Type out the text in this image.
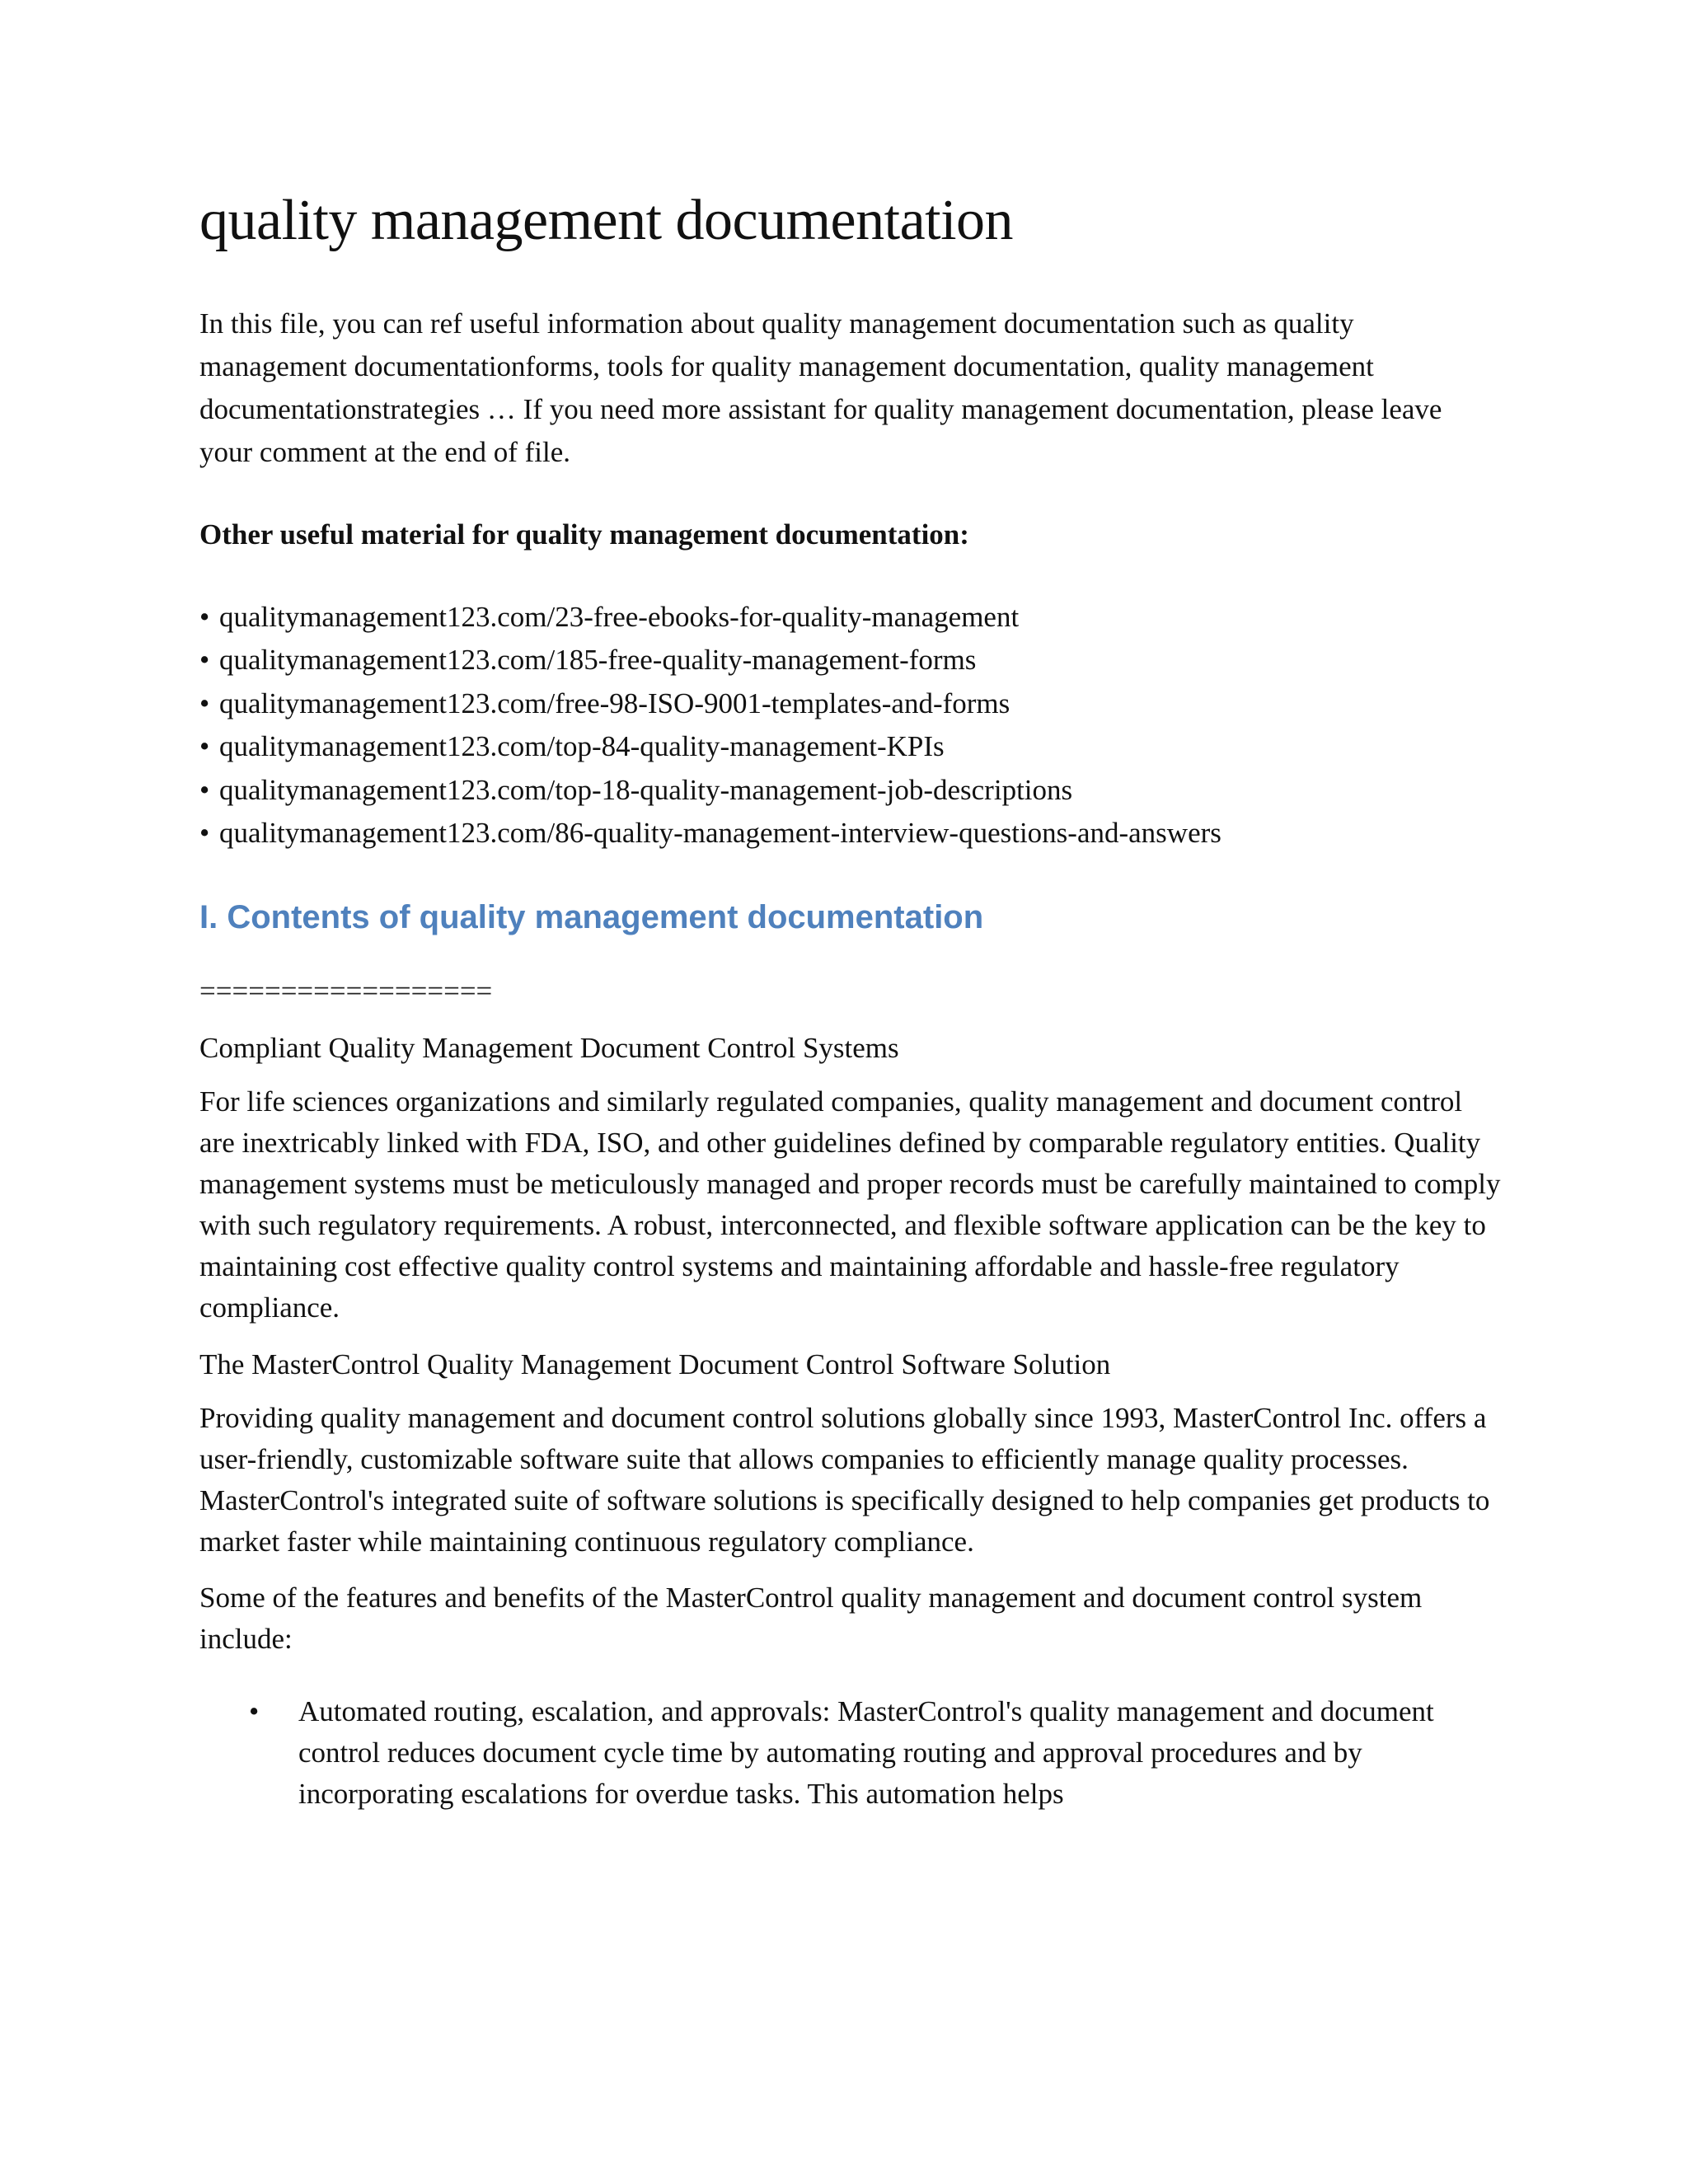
quality management documentation

In this file, you can ref useful information about quality management documentation such as quality management documentationforms, tools for quality management documentation, quality management documentationstrategies … If you need more assistant for quality management documentation, please leave your comment at the end of file.

Other useful material for quality management documentation:

• qualitymanagement123.com/23-free-ebooks-for-quality-management
• qualitymanagement123.com/185-free-quality-management-forms
• qualitymanagement123.com/free-98-ISO-9001-templates-and-forms
• qualitymanagement123.com/top-84-quality-management-KPIs
• qualitymanagement123.com/top-18-quality-management-job-descriptions
• qualitymanagement123.com/86-quality-management-interview-questions-and-answers
I. Contents of quality management documentation

==================

Compliant Quality Management Document Control Systems

For life sciences organizations and similarly regulated companies, quality management and document control are inextricably linked with FDA, ISO, and other guidelines defined by comparable regulatory entities. Quality management systems must be meticulously managed and proper records must be carefully maintained to comply with such regulatory requirements. A robust, interconnected, and flexible software application can be the key to maintaining cost effective quality control systems and maintaining affordable and hassle-free regulatory compliance.

The MasterControl Quality Management Document Control Software Solution

Providing quality management and document control solutions globally since 1993, MasterControl Inc. offers a user-friendly, customizable software suite that allows companies to efficiently manage quality processes. MasterControl's integrated suite of software solutions is specifically designed to help companies get products to market faster while maintaining continuous regulatory compliance.

Some of the features and benefits of the MasterControl quality management and document control system include:

• Automated routing, escalation, and approvals: MasterControl's quality management and document control reduces document cycle time by automating routing and approval procedures and by incorporating escalations for overdue tasks. This automation helps
